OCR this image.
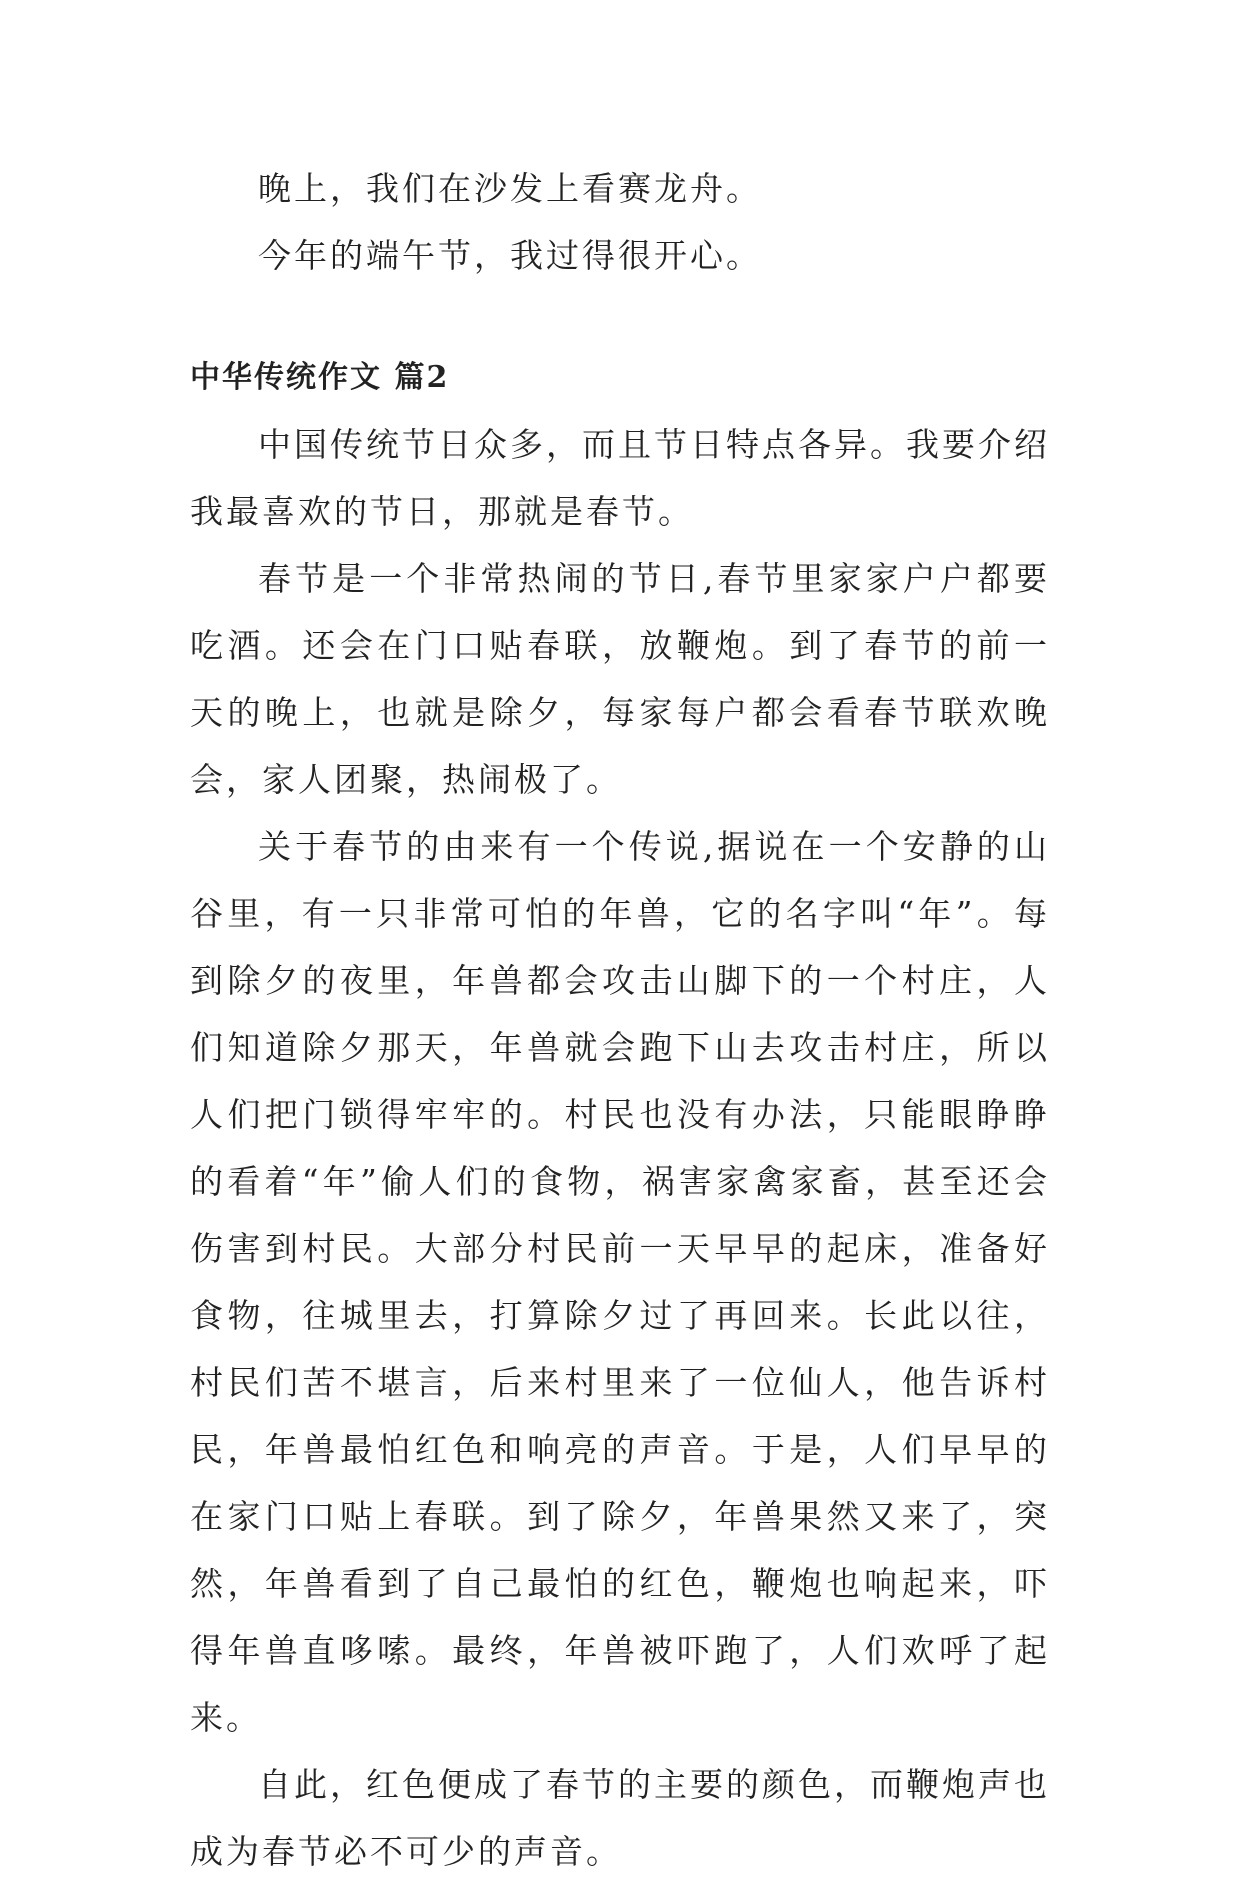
晚上，我们在沙发上看赛龙舟。

今年的端午节，我过得很开心。

中华传统作文 篇2

中国传统节日众多，而且节日特点各异。我要介绍我最喜欢的节日，那就是春节。

春节是一个非常热闹的节日,春节里家家户户都要吃酒。还会在门口贴春联，放鞭炮。到了春节的前一天的晚上，也就是除夕，每家每户都会看春节联欢晚会，家人团聚，热闹极了。

关于春节的由来有一个传说,据说在一个安静的山谷里，有一只非常可怕的年兽，它的名字叫“年”。每到除夕的夜里，年兽都会攻击山脚下的一个村庄，人们知道除夕那天，年兽就会跑下山去攻击村庄，所以人们把门锁得牢牢的。村民也没有办法，只能眼睁睁的看着“年”偷人们的食物，祸害家禽家畜，甚至还会伤害到村民。大部分村民前一天早早的起床，准备好食物，往城里去，打算除夕过了再回来。长此以往，村民们苦不堪言，后来村里来了一位仙人，他告诉村民，年兽最怕红色和响亮的声音。于是，人们早早的在家门口贴上春联。到了除夕，年兽果然又来了，突然，年兽看到了自己最怕的红色，鞭炮也响起来，吓得年兽直哆嗦。最终，年兽被吓跑了，人们欢呼了起来。

自此，红色便成了春节的主要的颜色，而鞭炮声也成为春节必不可少的声音。
